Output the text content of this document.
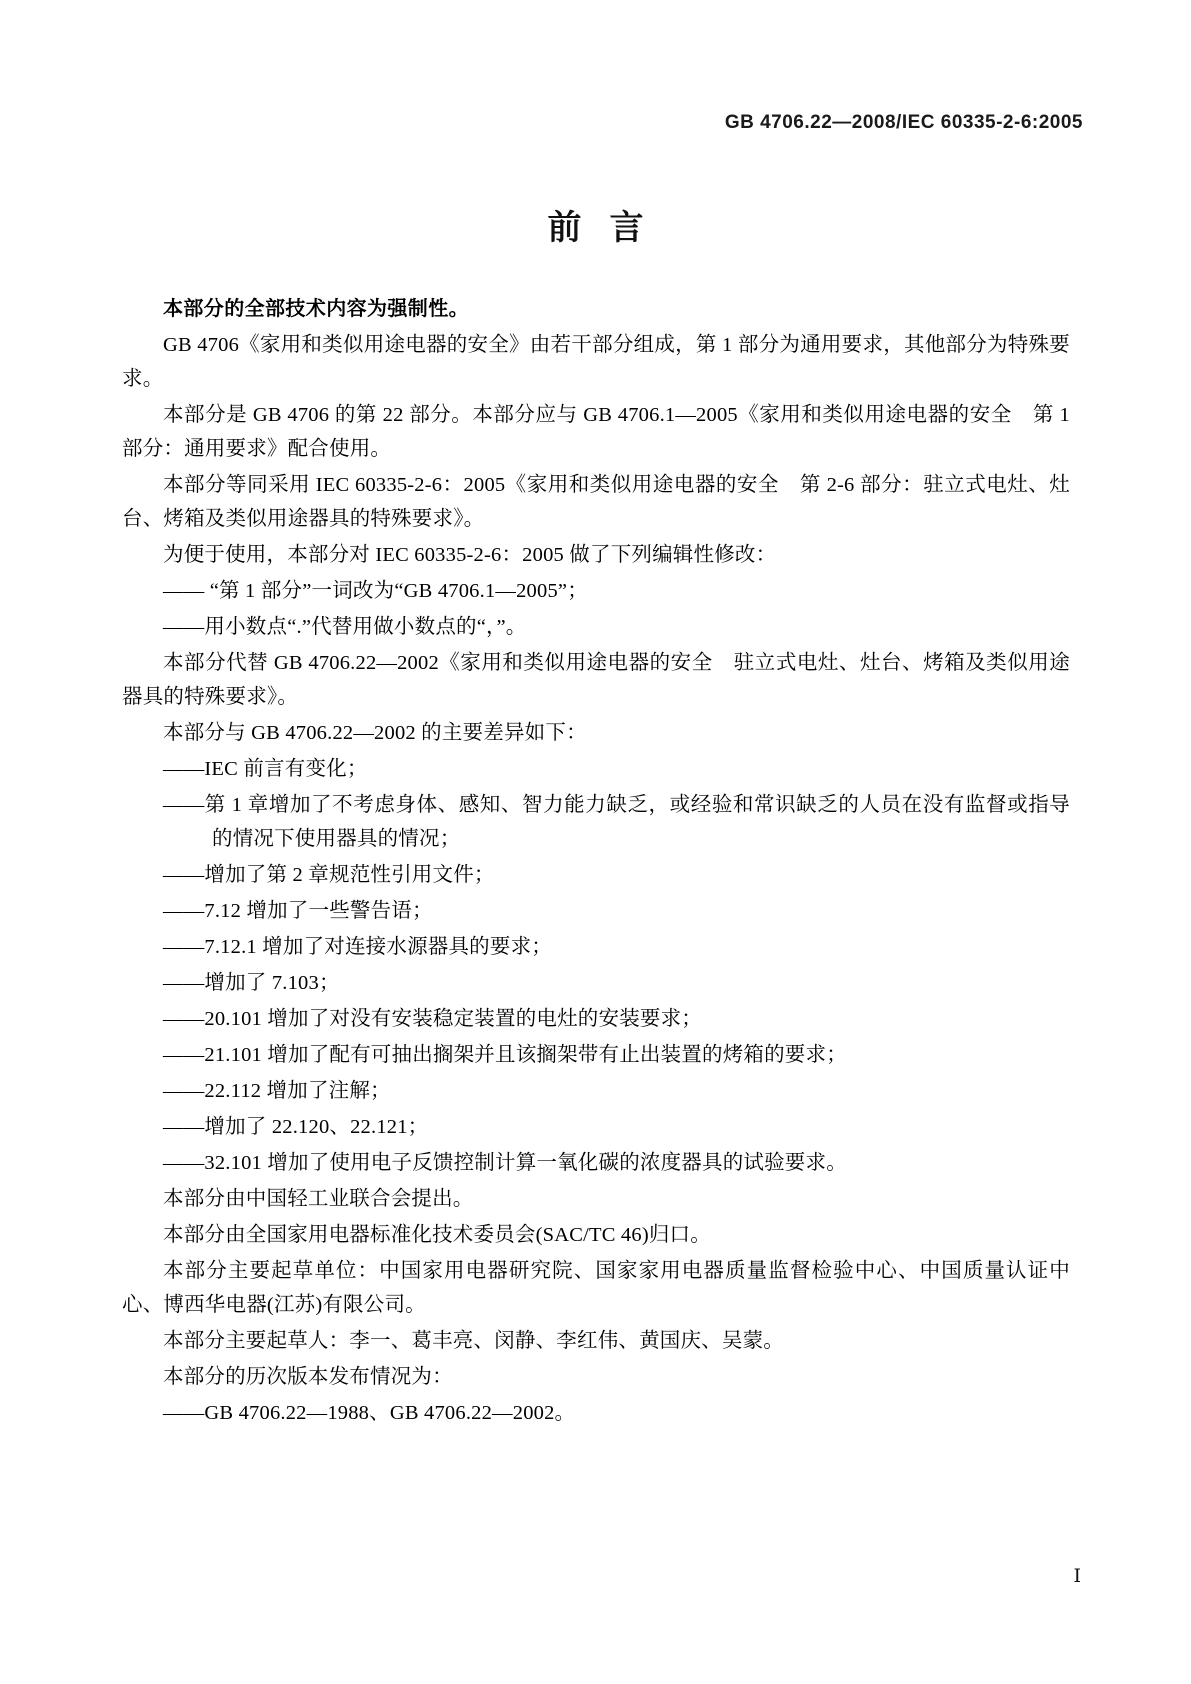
GB 4706.22—2008/IEC 60335-2-6:2005
前言

本部分的全部技术内容为强制性。

GB 4706《家用和类似用途电器的安全》由若干部分组成，第 1 部分为通用要求，其他部分为特殊要求。

本部分是 GB 4706 的第 22 部分。本部分应与 GB 4706.1—2005《家用和类似用途电器的安全　第 1 部分：通用要求》配合使用。

本部分等同采用 IEC 60335-2-6：2005《家用和类似用途电器的安全　第 2-6 部分：驻立式电灶、灶台、烤箱及类似用途器具的特殊要求》。

为便于使用，本部分对 IEC 60335-2-6：2005 做了下列编辑性修改：

—— “第 1 部分”一词改为“GB 4706.1—2005”；

——用小数点“.”代替用做小数点的“，”。

本部分代替 GB 4706.22—2002《家用和类似用途电器的安全　驻立式电灶、灶台、烤箱及类似用途器具的特殊要求》。

本部分与 GB 4706.22—2002 的主要差异如下：

——IEC 前言有变化；

——第 1 章增加了不考虑身体、感知、智力能力缺乏，或经验和常识缺乏的人员在没有监督或指导的情况下使用器具的情况；

——增加了第 2 章规范性引用文件；

——7.12 增加了一些警告语；

——7.12.1 增加了对连接水源器具的要求；

——增加了 7.103；

——20.101 增加了对没有安装稳定装置的电灶的安装要求；

——21.101 增加了配有可抽出搁架并且该搁架带有止出装置的烤箱的要求；

——22.112 增加了注解；

——增加了 22.120、22.121；

——32.101 增加了使用电子反馈控制计算一氧化碳的浓度器具的试验要求。

本部分由中国轻工业联合会提出。

本部分由全国家用电器标准化技术委员会(SAC/TC 46)归口。

本部分主要起草单位：中国家用电器研究院、国家家用电器质量监督检验中心、中国质量认证中心、博西华电器(江苏)有限公司。

本部分主要起草人：李一、葛丰亮、闵静、李红伟、黄国庆、吴蒙。

本部分的历次版本发布情况为：

——GB 4706.22—1988、GB 4706.22—2002。

Ⅰ
